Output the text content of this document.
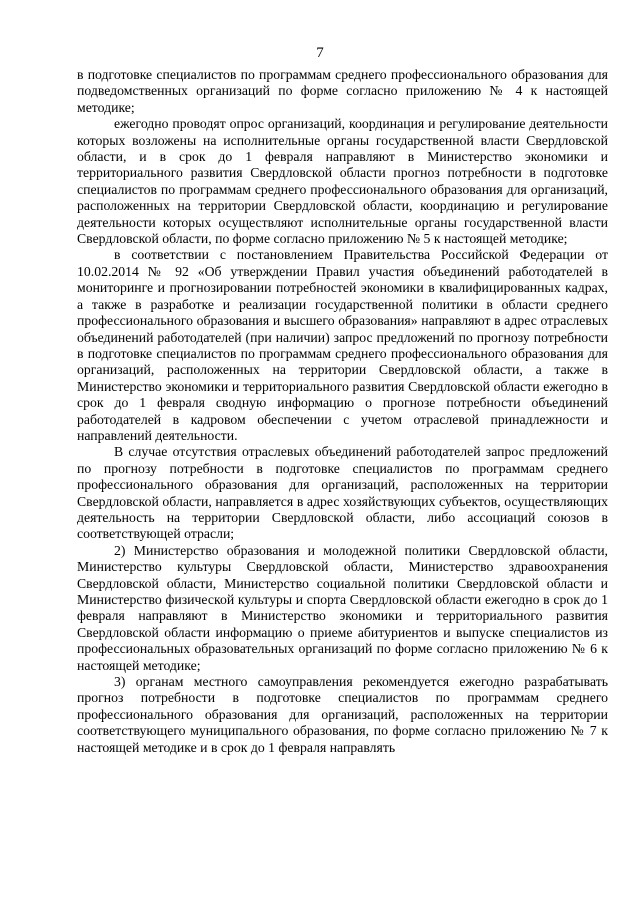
7

в подготовке специалистов по программам среднего профессионального образования для подведомственных организаций по форме согласно приложению № 4 к настоящей методике;

ежегодно проводят опрос организаций, координация и регулирование деятельности которых возложены на исполнительные органы государственной власти Свердловской области, и в срок до 1 февраля направляют в Министерство экономики и территориального развития Свердловской области прогноз потребности в подготовке специалистов по программам среднего профессионального образования для организаций, расположенных на территории Свердловской области, координацию и регулирование деятельности которых осуществляют исполнительные органы государственной власти Свердловской области, по форме согласно приложению № 5 к настоящей методике;

в соответствии с постановлением Правительства Российской Федерации от 10.02.2014 № 92 «Об утверждении Правил участия объединений работодателей в мониторинге и прогнозировании потребностей экономики в квалифицированных кадрах, а также в разработке и реализации государственной политики в области среднего профессионального образования и высшего образования» направляют в адрес отраслевых объединений работодателей (при наличии) запрос предложений по прогнозу потребности в подготовке специалистов по программам среднего профессионального образования для организаций, расположенных на территории Свердловской области, а также в Министерство экономики и территориального развития Свердловской области ежегодно в срок до 1 февраля сводную информацию о прогнозе потребности объединений работодателей в кадровом обеспечении с учетом отраслевой принадлежности и направлений деятельности.

В случае отсутствия отраслевых объединений работодателей запрос предложений по прогнозу потребности в подготовке специалистов по программам среднего профессионального образования для организаций, расположенных на территории Свердловской области, направляется в адрес хозяйствующих субъектов, осуществляющих деятельность на территории Свердловской области, либо ассоциаций союзов в соответствующей отрасли;

2) Министерство образования и молодежной политики Свердловской области, Министерство культуры Свердловской области, Министерство здравоохранения Свердловской области, Министерство социальной политики Свердловской области и Министерство физической культуры и спорта Свердловской области ежегодно в срок до 1 февраля направляют в Министерство экономики и территориального развития Свердловской области информацию о приеме абитуриентов и выпуске специалистов из профессиональных образовательных организаций по форме согласно приложению № 6 к настоящей методике;

3) органам местного самоуправления рекомендуется ежегодно разрабатывать прогноз потребности в подготовке специалистов по программам среднего профессионального образования для организаций, расположенных на территории соответствующего муниципального образования, по форме согласно приложению № 7 к настоящей методике и в срок до 1 февраля направлять
